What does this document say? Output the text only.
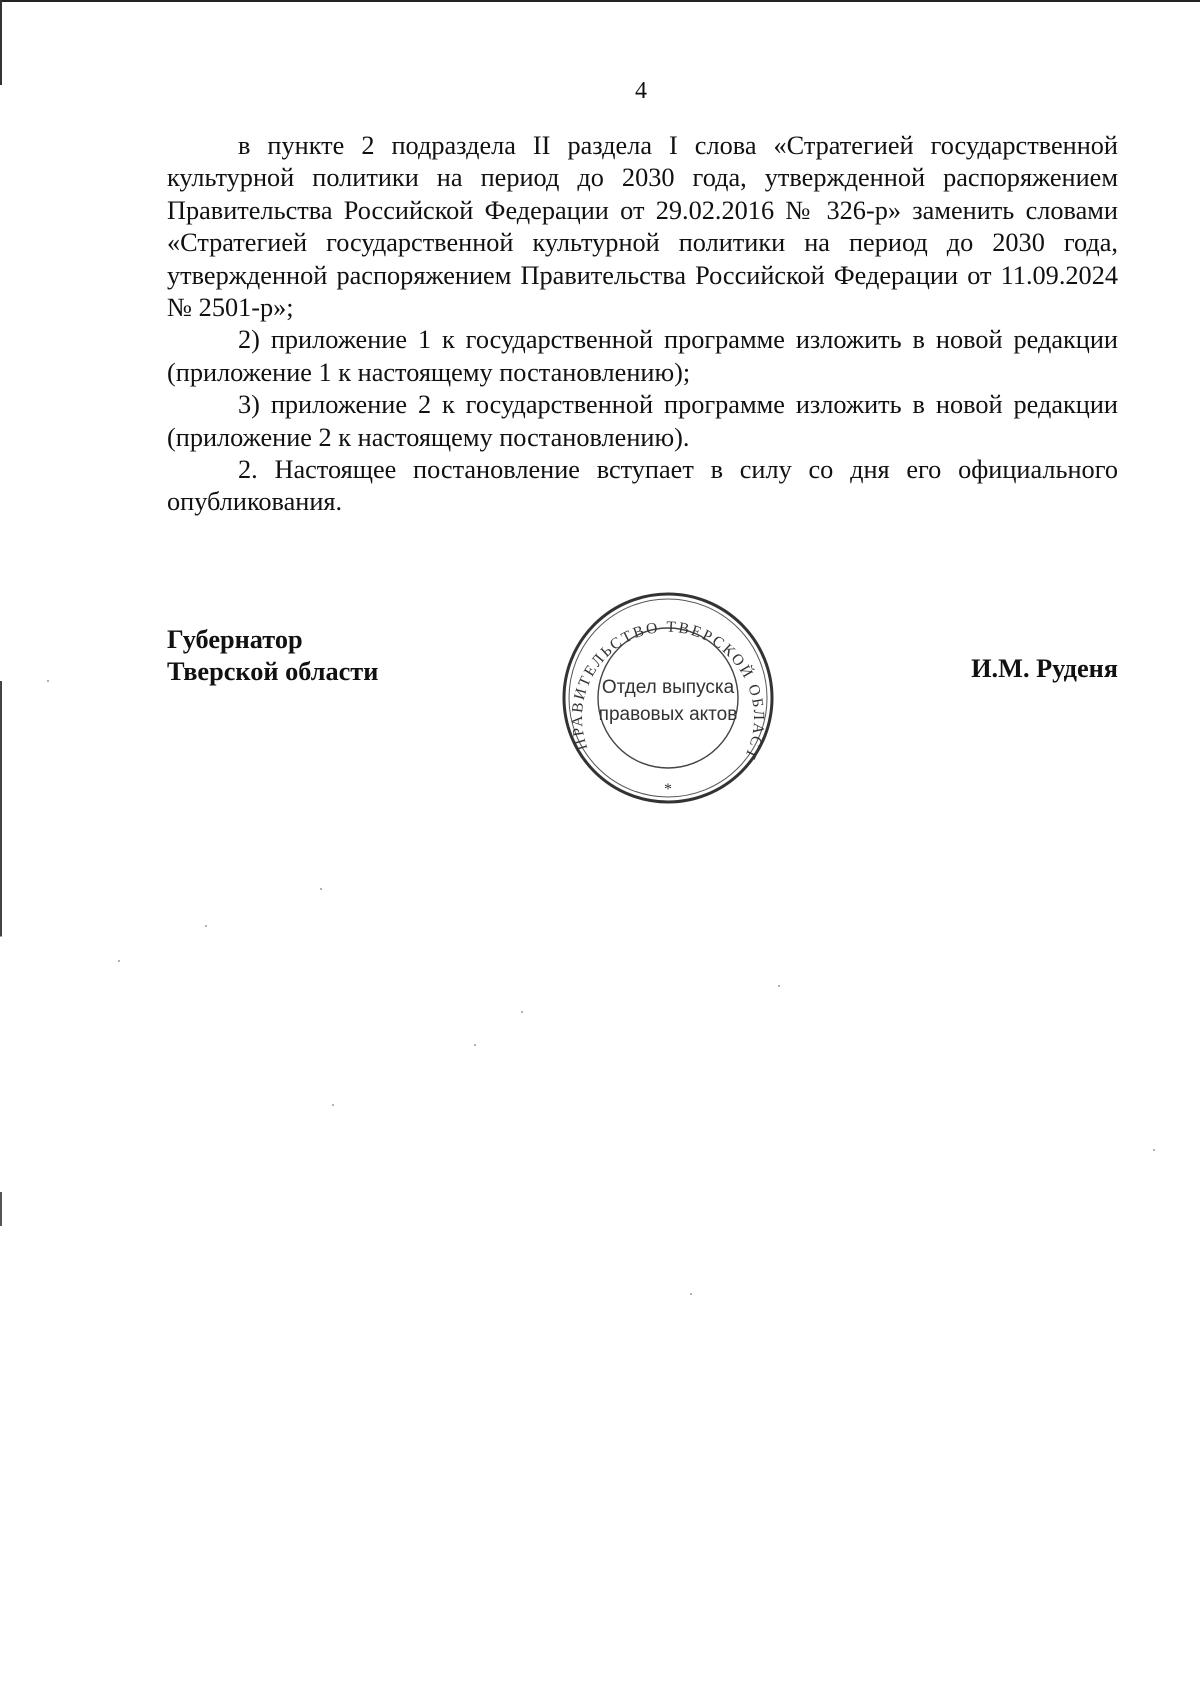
4

в пункте 2 подраздела II раздела I слова «Стратегией государственной культурной политики на период до 2030 года, утвержденной распоряжением Правительства Российской Федерации от 29.02.2016 № 326-р» заменить словами «Стратегией государственной культурной политики на период до 2030 года, утвержденной распоряжением Правительства Российской Федерации от 11.09.2024 № 2501-р»;

2) приложение 1 к государственной программе изложить в новой редакции (приложение 1 к настоящему постановлению);

3) приложение 2 к государственной программе изложить в новой редакции (приложение 2 к настоящему постановлению).

2. Настоящее постановление вступает в силу со дня его официального опубликования.

Губернатор
Тверской области
ПРАВИТЕЛЬСТВО ТВЕРСКОЙ ОБЛАСТ
Отдел выпуска
правовых актов
*
И.М. Руденя
